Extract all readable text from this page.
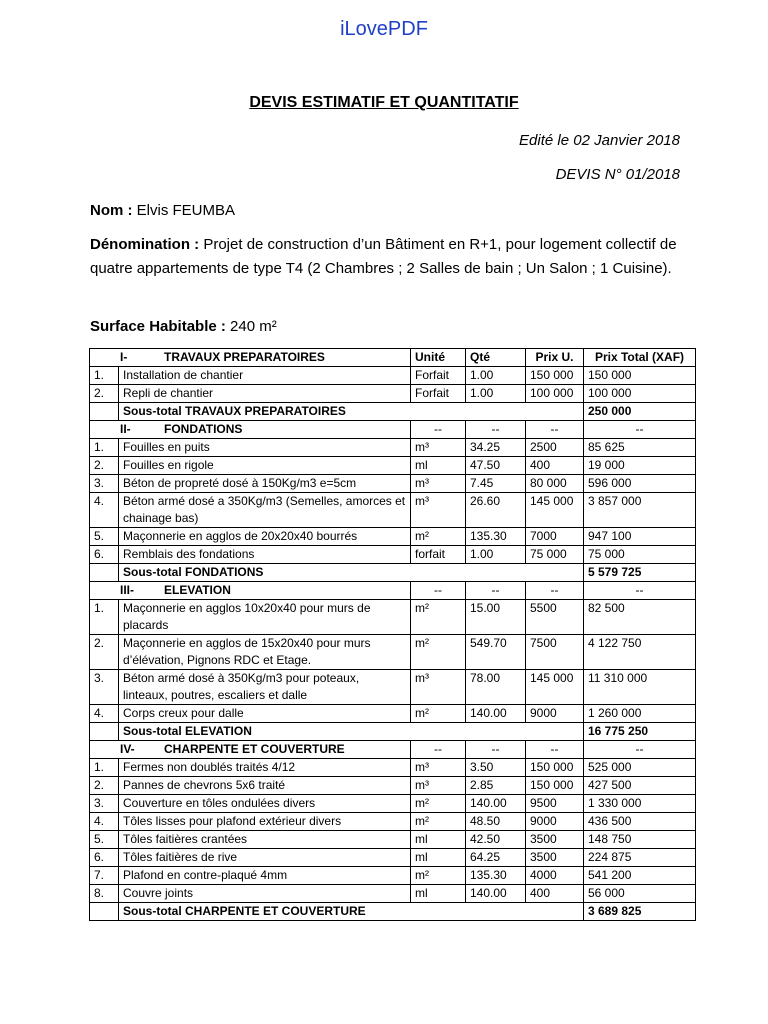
iLovePDF
DEVIS ESTIMATIF ET QUANTITATIF
Edité le 02 Janvier 2018
DEVIS N° 01/2018
Nom : Elvis FEUMBA
Dénomination : Projet de construction d’un Bâtiment en R+1, pour logement collectif de quatre appartements de type T4 (2 Chambres ; 2 Salles de bain ; Un Salon ; 1 Cuisine).
Surface Habitable : 240 m²
I- TRAVAUX PREPARATOIRES		Unité	Qté	Prix U.	Prix Total (XAF)
1.	Installation de chantier	Forfait	1.00	150 000	150 000
2.	Repli de chantier	Forfait	1.00	100 000	100 000
	Sous-total TRAVAUX PREPARATOIRES				250 000
II- FONDATIONS		--	--	--	--
1.	Fouilles en puits	m³	34.25	2500	85 625
2.	Fouilles en rigole	ml	47.50	400	19 000
3.	Béton de propreté dosé à 150Kg/m3 e=5cm	m³	7.45	80 000	596 000
4.	Béton armé dosé a 350Kg/m3 (Semelles, amorces et chainage bas)	m³	26.60	145 000	3 857 000
5.	Maçonnerie en agglos de 20x20x40 bourrés	m²	135.30	7000	947 100
6.	Remblais des fondations	forfait	1.00	75 000	75 000
	Sous-total FONDATIONS				5 579 725
III- ELEVATION		--	--	--	--
1.	Maçonnerie en agglos 10x20x40 pour murs de placards	m²	15.00	5500	82 500
2.	Maçonnerie en agglos de 15x20x40 pour murs d’élévation, Pignons RDC et Etage.	m²	549.70	7500	4 122 750
3.	Béton armé dosé à 350Kg/m3 pour poteaux, linteaux, poutres, escaliers et dalle	m³	78.00	145 000	11 310 000
4.	Corps creux pour dalle	m²	140.00	9000	1 260 000
	Sous-total ELEVATION				16 775 250
IV- CHARPENTE ET COUVERTURE		--	--	--	--
1.	Fermes non doublés traités 4/12	m³	3.50	150 000	525 000
2.	Pannes de chevrons 5x6 traité	m³	2.85	150 000	427 500
3.	Couverture en tôles ondulées divers	m²	140.00	9500	1 330 000
4.	Tôles lisses pour plafond extérieur divers	m²	48.50	9000	436 500
5.	Tôles faitières crantées	ml	42.50	3500	148 750
6.	Tôles faitières de rive	ml	64.25	3500	224 875
7.	Plafond en contre-plaqué 4mm	m²	135.30	4000	541 200
8.	Couvre joints	ml	140.00	400	56 000
	Sous-total CHARPENTE ET COUVERTURE				3 689 825
